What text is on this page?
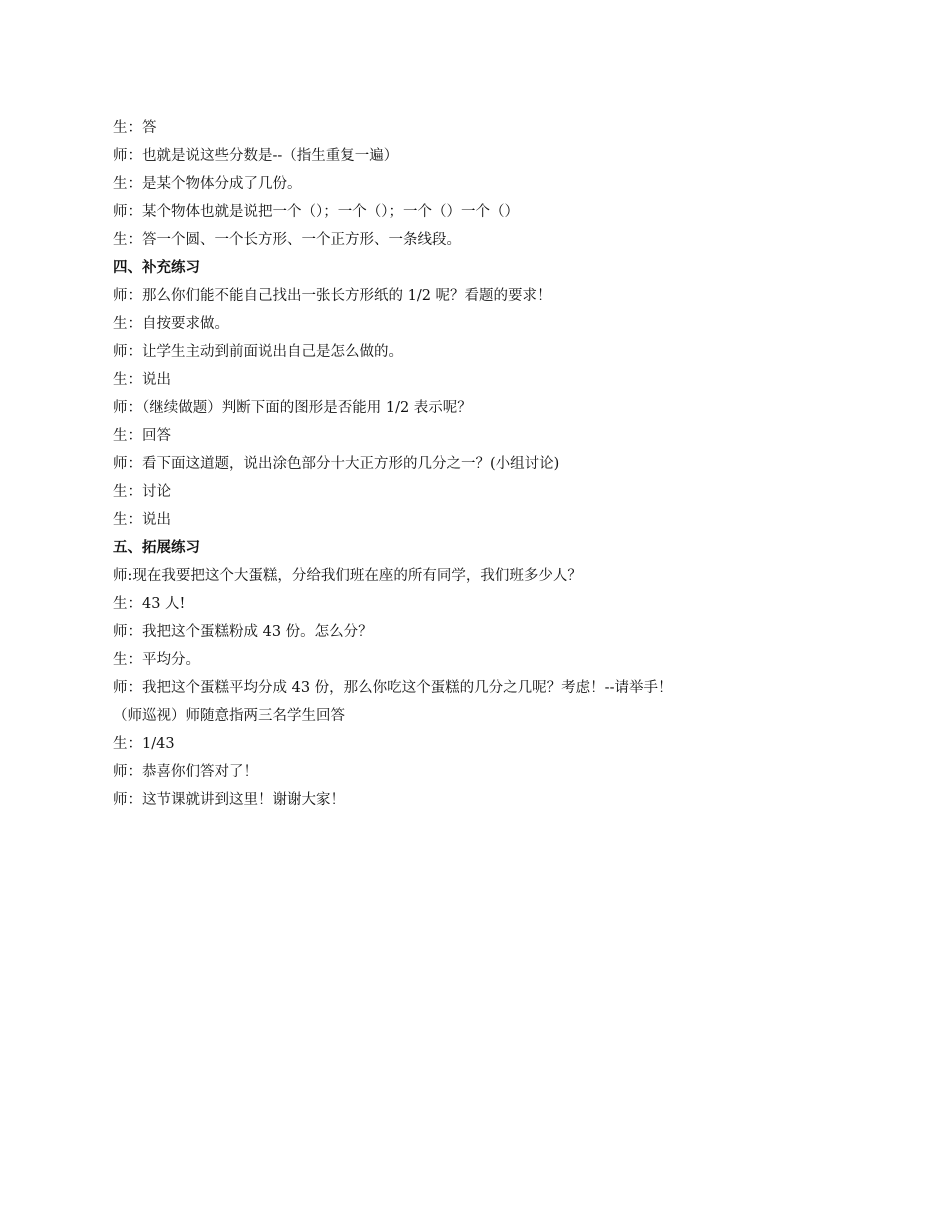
生：答
师：也就是说这些分数是--（指生重复一遍）
生：是某个物体分成了几份。
师：某个物体也就是说把一个（）；一个（）；一个（）一个（）
生：答一个圆、一个长方形、一个正方形、一条线段。
四、补充练习
师：那么你们能不能自己找出一张长方形纸的 1/2 呢？看题的要求！
生：自按要求做。
师：让学生主动到前面说出自己是怎么做的。
生：说出
师：（继续做题）判断下面的图形是否能用 1/2 表示呢？
生：回答
师：看下面这道题，说出涂色部分十大正方形的几分之一？(小组讨论)
生：讨论
生：说出
五、拓展练习
师:现在我要把这个大蛋糕，分给我们班在座的所有同学，我们班多少人？
生：43 人!
师：我把这个蛋糕粉成 43 份。怎么分？
生：平均分。
师：我把这个蛋糕平均分成 43 份，那么你吃这个蛋糕的几分之几呢？考虑！--请举手！
（师巡视）师随意指两三名学生回答
生：1/43
师：恭喜你们答对了！
师：这节课就讲到这里！谢谢大家！
